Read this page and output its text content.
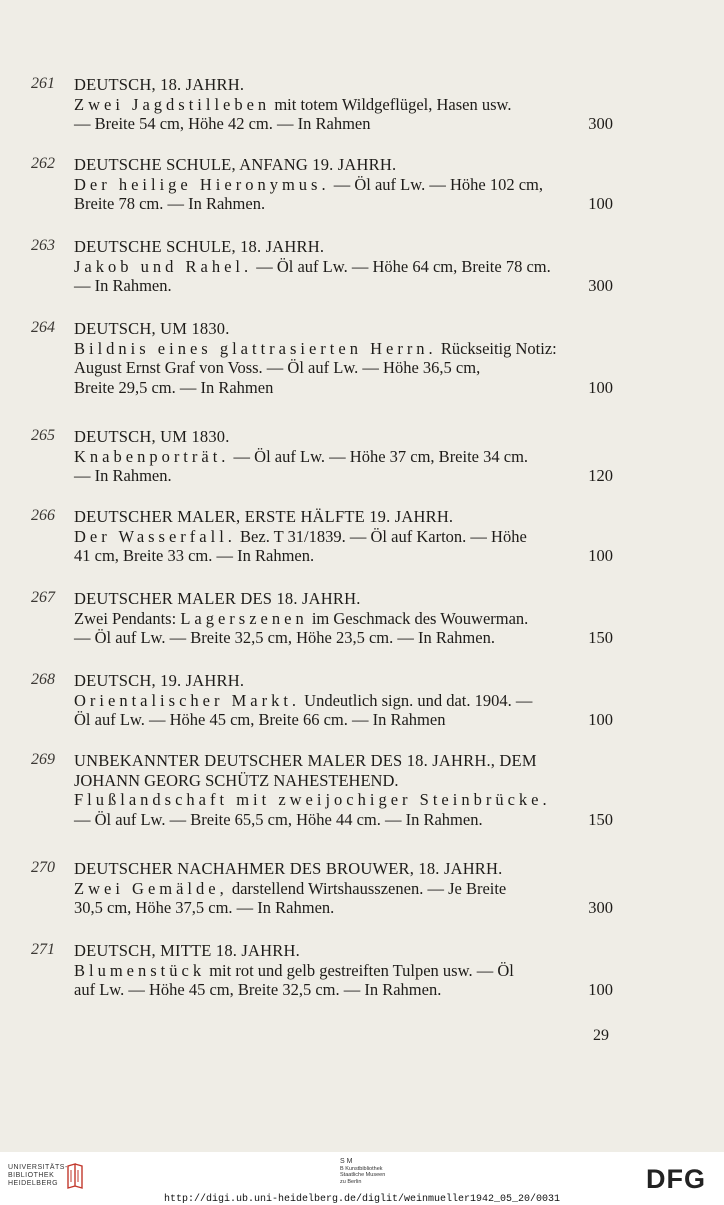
261 DEUTSCH, 18. JAHRH.
Zwei Jagdstilleben mit totem Wildgeflügel, Hasen usw.
— Breite 54 cm, Höhe 42 cm. — In Rahmen	300
262 DEUTSCHE SCHULE, ANFANG 19. JAHRH.
Der heilige Hieronymus. — Öl auf Lw. — Höhe 102 cm,
Breite 78 cm. — In Rahmen.	100
263 DEUTSCHE SCHULE, 18. JAHRH.
Jakob und Rahel. — Öl auf Lw. — Höhe 64 cm, Breite 78 cm.
— In Rahmen.	300
264 DEUTSCH, UM 1830.
Bildnis eines glattrasierten Herrn. Rückseitig Notiz:
August Ernst Graf von Voss. — Öl auf Lw. — Höhe 36,5 cm,
Breite 29,5 cm. — In Rahmen	100
265 DEUTSCH, UM 1830.
Knabenporträt. — Öl auf Lw. — Höhe 37 cm, Breite 34 cm.
— In Rahmen.	120
266 DEUTSCHER MALER, ERSTE HÄLFTE 19. JAHRH.
Der Wasserfall. Bez. T 31/1839. — Öl auf Karton. — Höhe
41 cm, Breite 33 cm. — In Rahmen.	100
267 DEUTSCHER MALER DES 18. JAHRH.
Zwei Pendants: Lagerszenen im Geschmack des Wouwerman.
— Öl auf Lw. — Breite 32,5 cm, Höhe 23,5 cm. — In Rahmen.	150
268 DEUTSCH, 19. JAHRH.
Orientalischer Markt. Undeutlich sign. und dat. 1904. —
Öl auf Lw. — Höhe 45 cm, Breite 66 cm. — In Rahmen	100
269 UNBEKANNTER DEUTSCHER MALER DES 18. JAHRH., DEM
JOHANN GEORG SCHÜTZ NAHESTEHEND.
Flußlandschaft mit zweijochiger Steinbrücke.
— Öl auf Lw. — Breite 65,5 cm, Höhe 44 cm. — In Rahmen.	150
270 DEUTSCHER NACHAHMER DES BROUWER, 18. JAHRH.
Zwei Gemälde, darstellend Wirtshausszenen. — Je Breite
30,5 cm, Höhe 37,5 cm. — In Rahmen.	300
271 DEUTSCH, MITTE 18. JAHRH.
Blumenstück mit rot und gelb gestreiften Tulpen usw. — Öl
auf Lw. — Höhe 45 cm, Breite 32,5 cm. — In Rahmen.	100
29
UNIVERSITÄTS-
BIBLIOTHEK
HEIDELBERG
S M
B Kunstbibliothek
Staatliche Museen
zu Berlin	DFG
http://digi.ub.uni-heidelberg.de/diglit/weinmueller1942_05_20/0031
